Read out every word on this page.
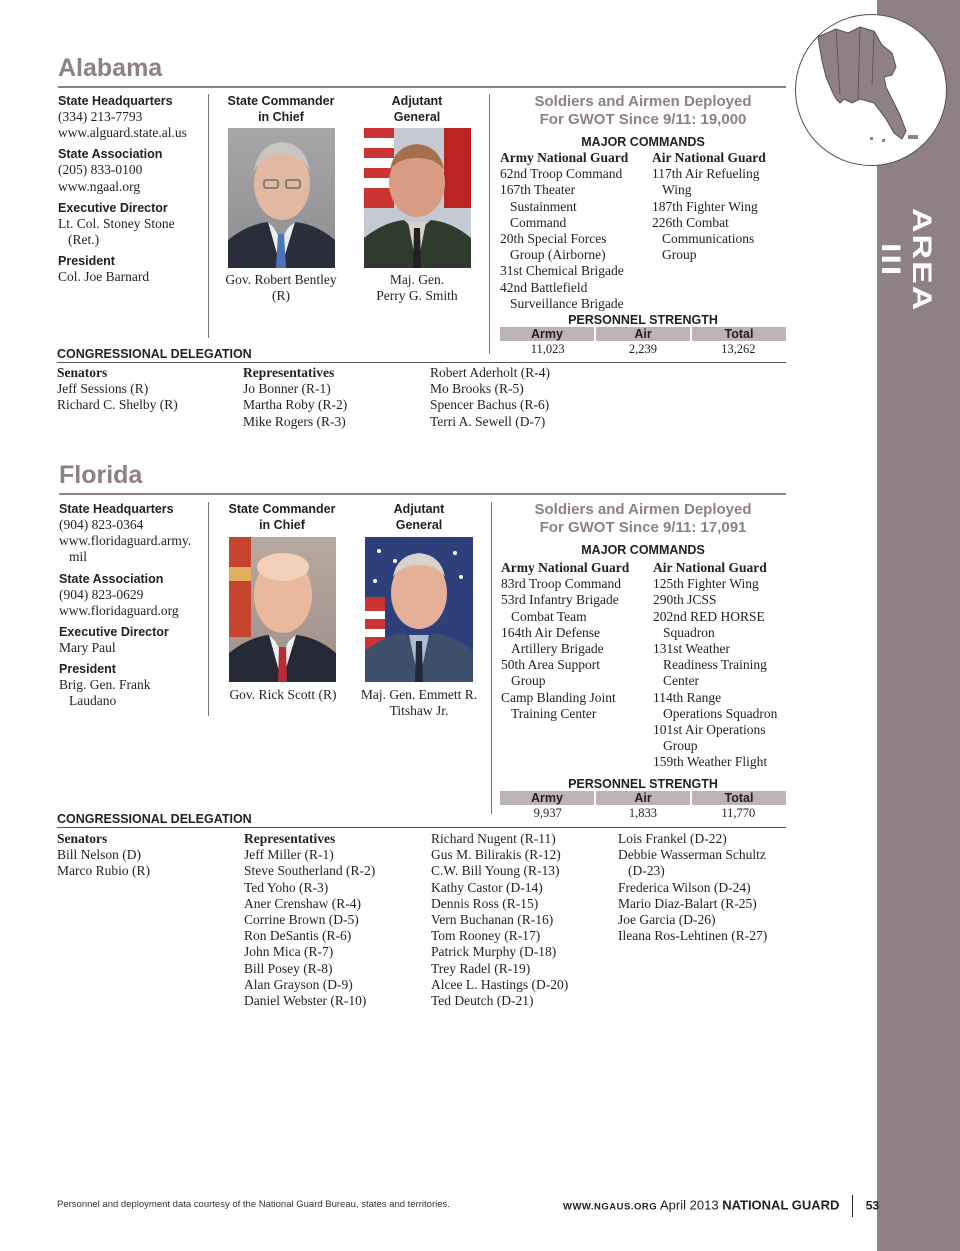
AREA III
Alabama

State Headquarters

(334) 213-7793

www.alguard.state.al.us

State Association

(205) 833-0100

www.ngaal.org

Executive Director

Lt. Col. Stoney Stone

(Ret.)

President

Col. Joe Barnard

State Commander
in Chief
Gov. Robert Bentley
(R)
Adjutant
General
Maj. Gen.
Perry G. Smith
Soldiers and Airmen Deployed
For GWOT Since 9/11: 19,000
MAJOR COMMANDS

Army National Guard

62nd Troop Command

167th Theater

Sustainment

Command

20th Special Forces

Group (Airborne)

31st Chemical Brigade

42nd Battlefield

Surveillance Brigade

Air National Guard

117th Air Refueling

Wing

187th Fighter Wing

226th Combat

Communications

Group

PERSONNEL STRENGTH
Army	Air	Total
11,023	2,239	13,262
CONGRESSIONAL DELEGATION

Senators

Jeff Sessions (R)

Richard C. Shelby (R)

Representatives

Jo Bonner (R-1)

Martha Roby (R-2)

Mike Rogers (R-3)

Robert Aderholt (R-4)

Mo Brooks (R-5)

Spencer Bachus (R-6)

Terri A. Sewell (D-7)

Florida

State Headquarters

(904) 823-0364

www.floridaguard.army.

mil

State Association

(904) 823-0629

www.floridaguard.org

Executive Director

Mary Paul

President

Brig. Gen. Frank

Laudano

State Commander
in Chief
Gov. Rick Scott (R)
Adjutant
General
Maj. Gen. Emmett R.
Titshaw Jr.
Soldiers and Airmen Deployed
For GWOT Since 9/11: 17,091
MAJOR COMMANDS

Army National Guard

83rd Troop Command

53rd Infantry Brigade

Combat Team

164th Air Defense

Artillery Brigade

50th Area Support

Group

Camp Blanding Joint

Training Center

Air National Guard

125th Fighter Wing

290th JCSS

202nd RED HORSE

Squadron

131st Weather

Readiness Training

Center

114th Range

Operations Squadron

101st Air Operations

Group

159th Weather Flight

PERSONNEL STRENGTH
Army	Air	Total
9,937	1,833	11,770
CONGRESSIONAL DELEGATION

Senators

Bill Nelson (D)

Marco Rubio (R)

Representatives

Jeff Miller (R-1)

Steve Southerland (R-2)

Ted Yoho (R-3)

Aner Crenshaw (R-4)

Corrine Brown (D-5)

Ron DeSantis (R-6)

John Mica (R-7)

Bill Posey (R-8)

Alan Grayson (D-9)

Daniel Webster (R-10)

Richard Nugent (R-11)

Gus M. Bilirakis (R-12)

C.W. Bill Young (R-13)

Kathy Castor (D-14)

Dennis Ross (R-15)

Vern Buchanan (R-16)

Tom Rooney (R-17)

Patrick Murphy (D-18)

Trey Radel (R-19)

Alcee L. Hastings (D-20)

Ted Deutch (D-21)

Lois Frankel (D-22)

Debbie Wasserman Schultz

(D-23)

Frederica Wilson (D-24)

Mario Diaz-Balart (R-25)

Joe Garcia (D-26)

Ileana Ros-Lehtinen (R-27)

Personnel and deployment data courtesy of the National Guard Bureau, states and territories.	WWW.NGAUS.ORG April 2013 NATIONAL GUARD 53
